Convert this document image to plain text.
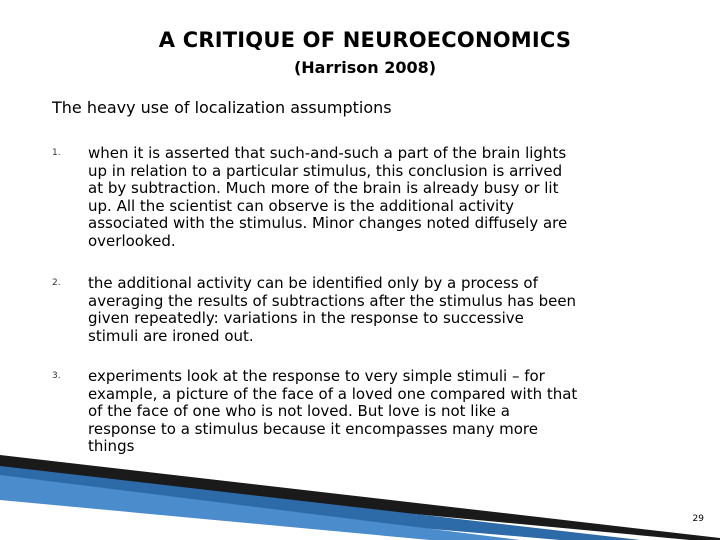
A CRITIQUE OF NEUROECONOMICS
(Harrison 2008)
The heavy use of localization assumptions
1. when it is asserted that such-and-such a part of the brain lights
up in relation to a particular stimulus, this conclusion is arrived
at by subtraction. Much more of the brain is already busy or lit
up. All the scientist can observe is the additional activity
associated with the stimulus. Minor changes noted diffusely are
overlooked.
2. the additional activity can be identified only by a process of
averaging the results of subtractions after the stimulus has been
given repeatedly: variations in the response to successive
stimuli are ironed out.
3. experiments look at the response to very simple stimuli – for
example, a picture of the face of a loved one compared with that
of the face of one who is not loved. But love is not like a
response to a stimulus because it encompasses many more
things
29
